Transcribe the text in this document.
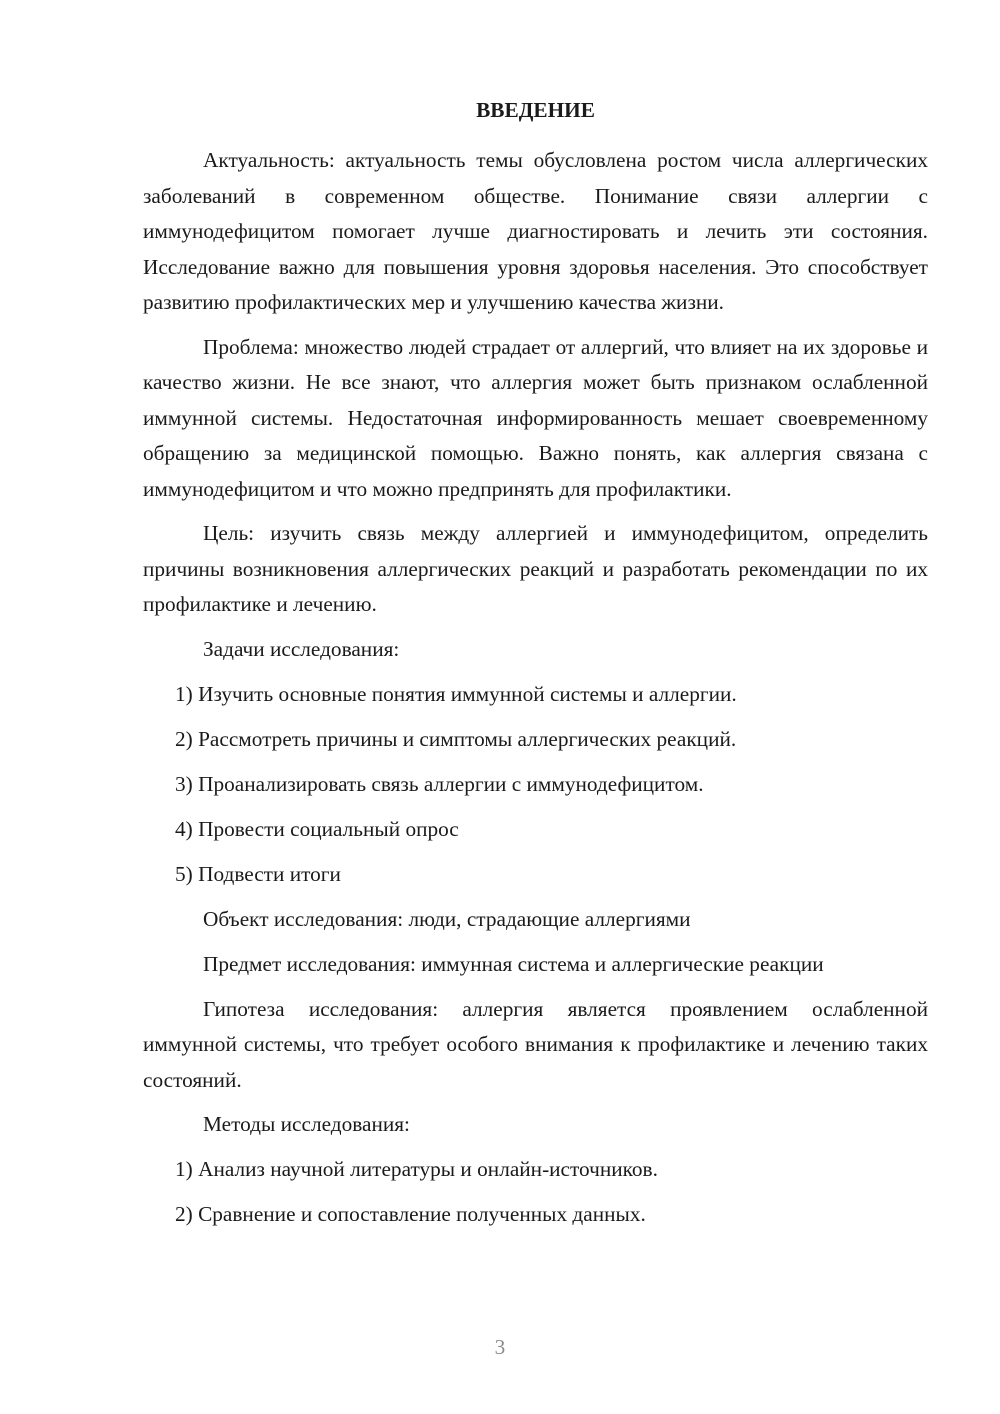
ВВЕДЕНИЕ

Актуальность: актуальность темы обусловлена ростом числа аллергических заболеваний в современном обществе. Понимание связи аллергии с иммунодефицитом помогает лучше диагностировать и лечить эти состояния. Исследование важно для повышения уровня здоровья населения. Это способствует развитию профилактических мер и улучшению качества жизни.

Проблема: множество людей страдает от аллергий, что влияет на их здоровье и качество жизни. Не все знают, что аллергия может быть признаком ослабленной иммунной системы. Недостаточная информированность мешает своевременному обращению за медицинской помощью. Важно понять, как аллергия связана с иммунодефицитом и что можно предпринять для профилактики.

Цель: изучить связь между аллергией и иммунодефицитом, определить причины возникновения аллергических реакций и разработать рекомендации по их профилактике и лечению.

Задачи исследования:
1) Изучить основные понятия иммунной системы и аллергии.
2) Рассмотреть причины и симптомы аллергических реакций.
3) Проанализировать связь аллергии с иммунодефицитом.
4) Провести социальный опрос
5) Подвести итоги
Объект исследования: люди, страдающие аллергиями
Предмет исследования: иммунная система и аллергические реакции

Гипотеза исследования: аллергия является проявлением ослабленной иммунной системы, что требует особого внимания к профилактике и лечению таких состояний.

Методы исследования:
1) Анализ научной литературы и онлайн-источников.
2) Сравнение и сопоставление полученных данных.
3
